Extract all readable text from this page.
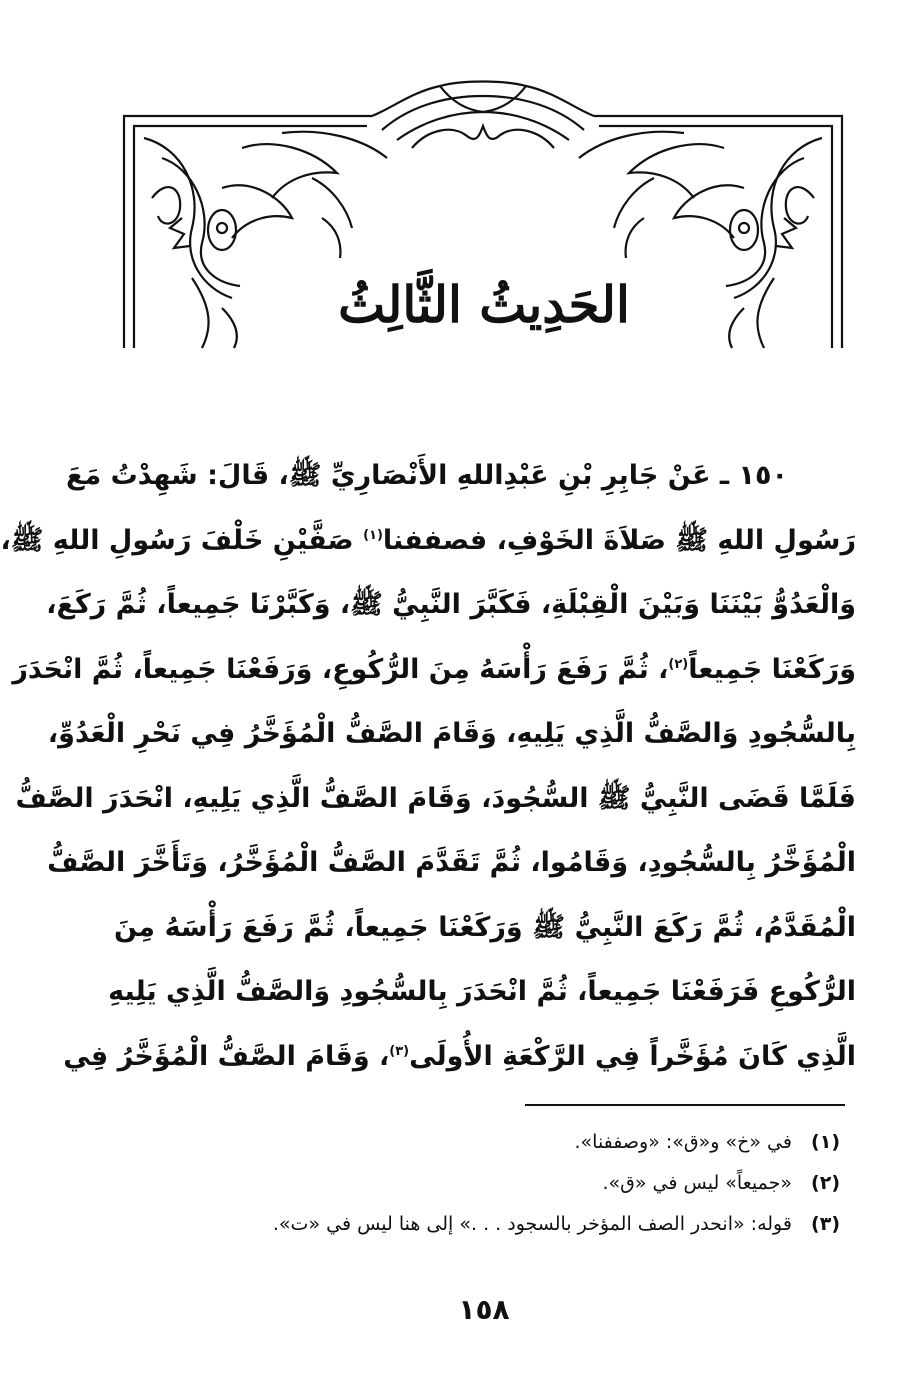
الحَدِيثُ الثَّالِثُ
١٥٠ ـ عَنْ جَابِرِ بْنِ عَبْدِاللهِ الأَنْصَارِيِّ ﷺ، قَالَ: شَهِدْتُ مَعَ
رَسُولِ اللهِ ﷺ صَلاَةَ الخَوْفِ، فصففنا$^{(١)}$ صَفَّيْنِ خَلْفَ رَسُولِ اللهِ ﷺ،
وَالْعَدُوُّ بَيْنَنَا وَبَيْنَ الْقِبْلَةِ، فَكَبَّرَ النَّبِيُّ ﷺ، وَكَبَّرْنَا جَمِيعاً، ثُمَّ رَكَعَ،
وَرَكَعْنَا جَمِيعاً$^{(٢)}$، ثُمَّ رَفَعَ رَأْسَهُ مِنَ الرُّكُوعِ، وَرَفَعْنَا جَمِيعاً، ثُمَّ انْحَدَرَ
بِالسُّجُودِ وَالصَّفُّ الَّذِي يَلِيهِ، وَقَامَ الصَّفُّ الْمُؤَخَّرُ فِي نَحْرِ الْعَدُوِّ،
فَلَمَّا قَضَى النَّبِيُّ ﷺ السُّجُودَ، وَقَامَ الصَّفُّ الَّذِي يَلِيهِ، انْحَدَرَ الصَّفُّ
الْمُؤَخَّرُ بِالسُّجُودِ، وَقَامُوا، ثُمَّ تَقَدَّمَ الصَّفُّ الْمُؤَخَّرُ، وَتَأَخَّرَ الصَّفُّ
الْمُقَدَّمُ، ثُمَّ رَكَعَ النَّبِيُّ ﷺ وَرَكَعْنَا جَمِيعاً، ثُمَّ رَفَعَ رَأْسَهُ مِنَ
الرُّكُوعِ فَرَفَعْنَا جَمِيعاً، ثُمَّ انْحَدَرَ بِالسُّجُودِ وَالصَّفُّ الَّذِي يَلِيهِ
الَّذِي كَانَ مُؤَخَّراً فِي الرَّكْعَةِ الأُولَى$^{(٣)}$، وَقَامَ الصَّفُّ الْمُؤَخَّرُ فِي
(١) في «خ» و«ق»: «وصففنا».
(٢) «جميعاً» ليس في «ق».
(٣) قوله: «انحدر الصف المؤخر بالسجود . . .» إلى هنا ليس في «ت».
١٥٨
